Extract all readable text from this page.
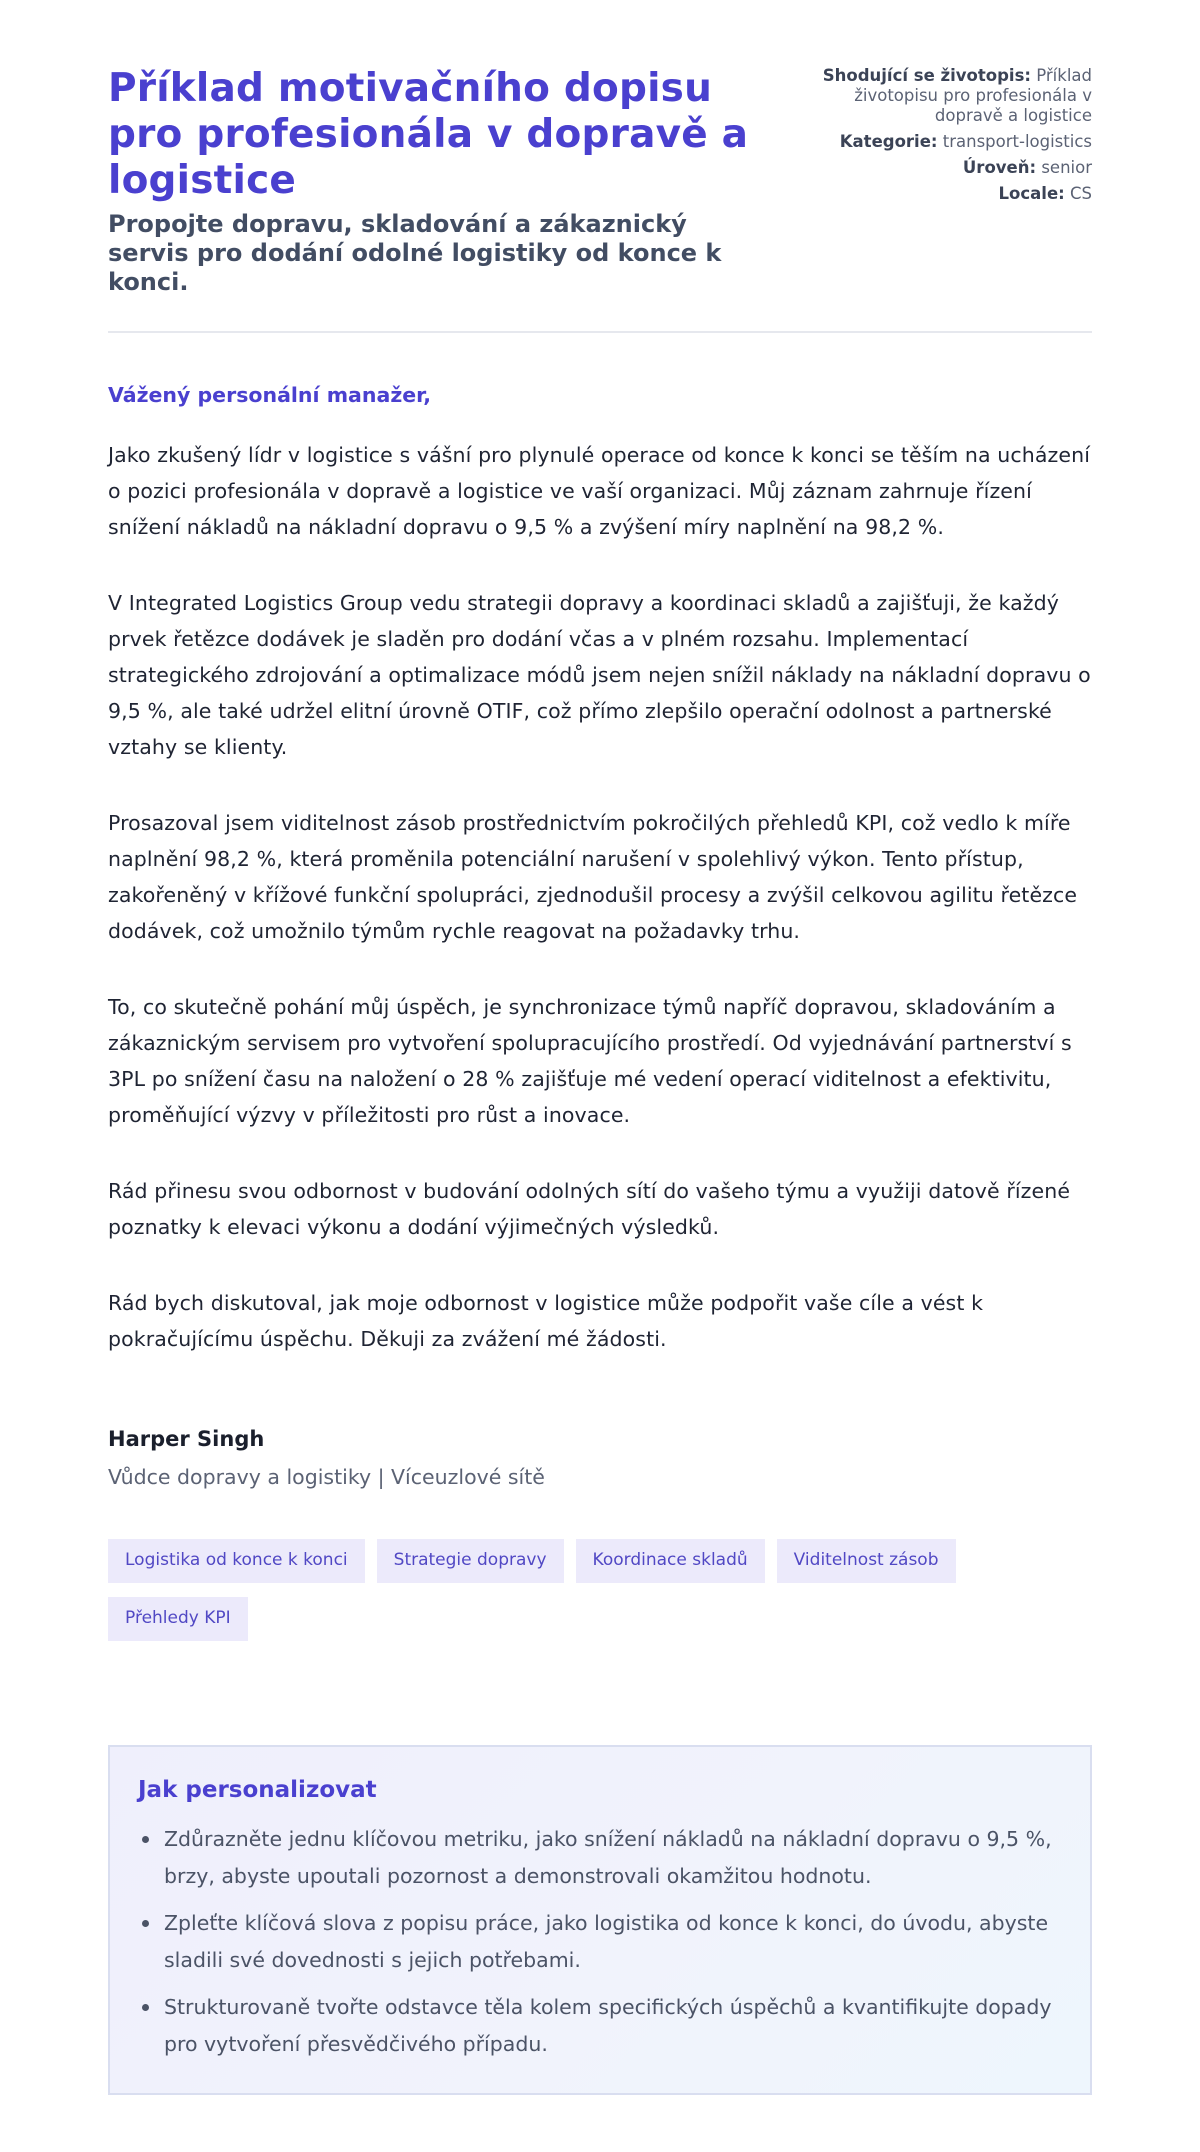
Příklad motivačního dopisu pro profesionála v dopravě a logistice
Propojte dopravu, skladování a zákaznický servis pro dodání odolné logistiky od konce k konci.
Shodující se životopis: Příklad životopisu pro profesionála v dopravě a logistice
Kategorie: transport-logistics
Úroveň: senior
Locale: CS

Vážený personální manažer,

Jako zkušený lídr v logistice s vášní pro plynulé operace od konce k konci se těším na ucházení o pozici profesionála v dopravě a logistice ve vaší organizaci. Můj záznam zahrnuje řízení snížení nákladů na nákladní dopravu o 9,5 % a zvýšení míry naplnění na 98,2 %.

V Integrated Logistics Group vedu strategii dopravy a koordinaci skladů a zajišťuji, že každý prvek řetězce dodávek je sladěn pro dodání včas a v plném rozsahu. Implementací strategického zdrojování a optimalizace módů jsem nejen snížil náklady na nákladní dopravu o 9,5 %, ale také udržel elitní úrovně OTIF, což přímo zlepšilo operační odolnost a partnerské vztahy se klienty.

Prosazoval jsem viditelnost zásob prostřednictvím pokročilých přehledů KPI, což vedlo k míře naplnění 98,2 %, která proměnila potenciální narušení v spolehlivý výkon. Tento přístup, zakořeněný v křížové funkční spolupráci, zjednodušil procesy a zvýšil celkovou agilitu řetězce dodávek, což umožnilo týmům rychle reagovat na požadavky trhu.

To, co skutečně pohání můj úspěch, je synchronizace týmů napříč dopravou, skladováním a zákaznickým servisem pro vytvoření spolupracujícího prostředí. Od vyjednávání partnerství s 3PL po snížení času na naložení o 28 % zajišťuje mé vedení operací viditelnost a efektivitu, proměňující výzvy v příležitosti pro růst a inovace.

Rád přinesu svou odbornost v budování odolných sítí do vašeho týmu a využiji datově řízené poznatky k elevaci výkonu a dodání výjimečných výsledků.

Rád bych diskutoval, jak moje odbornost v logistice může podpořit vaše cíle a vést k pokračujícímu úspěchu. Děkuji za zvážení mé žádosti.

Harper Singh
Vůdce dopravy a logistiky | Víceuzlové sítě
Logistika od konce k konci	Strategie dopravy	Koordinace skladů	Viditelnost zásob
Přehledy KPI
Jak personalizovat
Zdůrazněte jednu klíčovou metriku, jako snížení nákladů na nákladní dopravu o 9,5 %, brzy, abyste upoutali pozornost a demonstrovali okamžitou hodnotu.
Zpleťte klíčová slova z popisu práce, jako logistika od konce k konci, do úvodu, abyste sladili své dovednosti s jejich potřebami.
Strukturovaně tvořte odstavce těla kolem specifických úspěchů a kvantifikujte dopady pro vytvoření přesvědčivého případu.
